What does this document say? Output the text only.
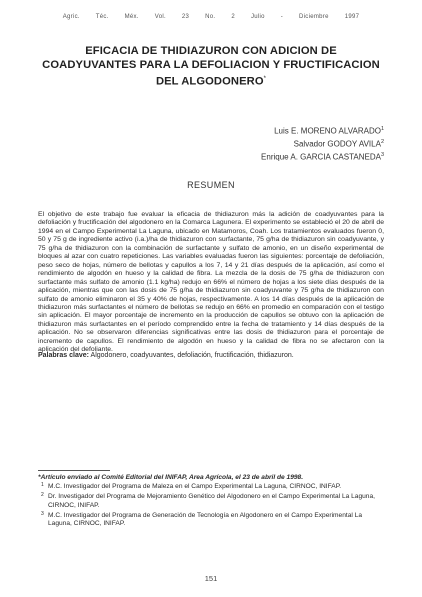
Agric. Téc. Méx. Vol. 23 No. 2 Julio - Diciembre 1997
EFICACIA DE THIDIAZURON CON ADICION DE COADYUVANTES PARA LA DEFOLIACION Y FRUCTIFICACION DEL ALGODONERO*
Luis E. MORENO ALVARADO$^1$
Salvador GODOY AVILA$^2$
Enrique A. GARCIA CASTANEDA$^3$
RESUMEN

El objetivo de este trabajo fue evaluar la eficacia de thidiazuron más la adición de coadyuvantes para la defoliación y fructificación del algodonero en la Comarca Lagunera. El experimento se estableció el 20 de abril de 1994 en el Campo Experimental La Laguna, ubicado en Matamoros, Coah. Los tratamientos evaluados fueron 0, 50 y 75 g de ingrediente activo (i.a.)/ha de thidiazuron con surfactante, 75 g/ha de thidiazuron sin coadyuvante, y 75 g/ha de thidiazuron con la combinación de surfactante y sulfato de amonio, en un diseño experimental de bloques al azar con cuatro repeticiones. Las variables evaluadas fueron las siguientes: porcentaje de defoliación, peso seco de hojas, número de bellotas y capullos a los 7, 14 y 21 días después de la aplicación, así como el rendimiento de algodón en hueso y la calidad de fibra. La mezcla de la dosis de 75 g/ha de thidiazuron con surfactante más sulfato de amonio (1.1 kg/ha) redujo en 66% el número de hojas a los siete días después de la aplicación, mientras que con las dosis de 75 g/ha de thidiazuron sin coadyuvante y 75 g/ha de thidiazuron con sulfato de amonio eliminaron el 35 y 40% de hojas, respectivamente. A los 14 días después de la aplicación de thidiazuron más surfactantes el número de bellotas se redujo en 66% en promedio en comparación con el testigo sin aplicación. El mayor porcentaje de incremento en la producción de capullos se obtuvo con la aplicación de thidiazuron más surfactantes en el período comprendido entre la fecha de tratamiento y 14 días después de la aplicación. No se observaron diferencias significativas entre las dosis de thidiazuron para el porcentaje de incremento de capullos. El rendimiento de algodón en hueso y la calidad de fibra no se afectaron con la aplicación del defoliante.

Palabras clave: Algodonero, coadyuvantes, defoliación, fructificación, thidiazuron.
*Artículo enviado al Comité Editorial del INIFAP, Area Agrícola, el 23 de abril de 1998.
1 M.C. Investigador del Programa de Maleza en el Campo Experimental La Laguna, CIRNOC, INIFAP.
2 Dr. Investigador del Programa de Mejoramiento Genético del Algodonero en el Campo Experimental La Laguna, CIRNOC, INIFAP.
3 M.C. Investigador del Programa de Generación de Tecnología en Algodonero en el Campo Experimental La Laguna, CIRNOC, INIFAP.
151
